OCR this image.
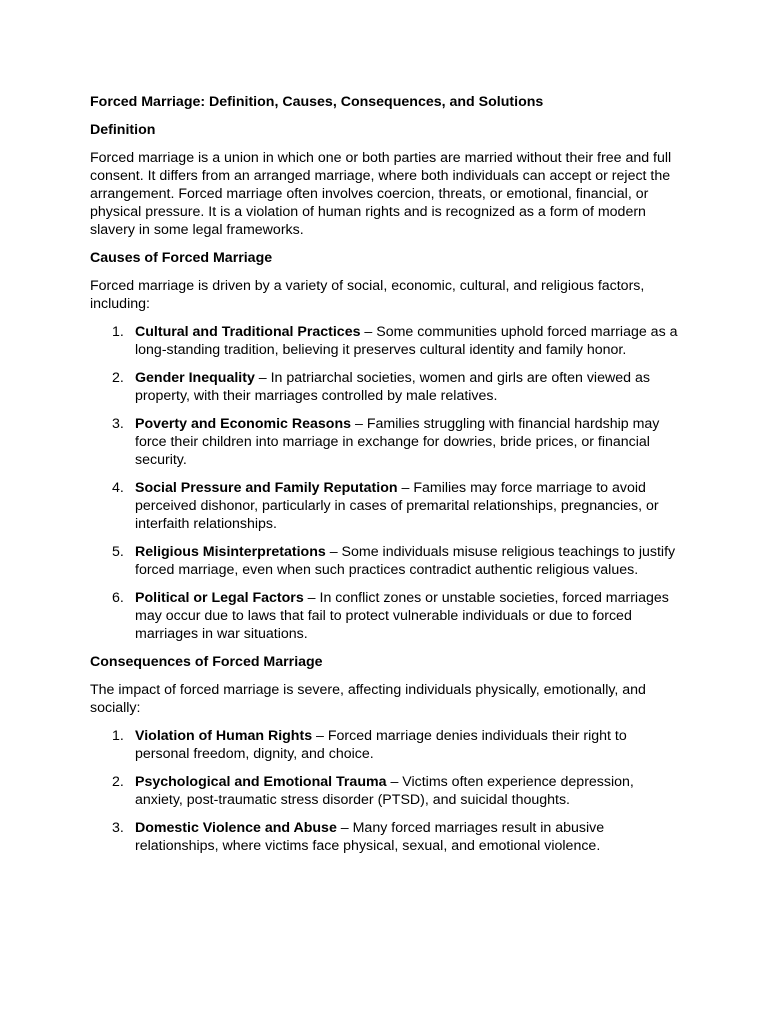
Forced Marriage: Definition, Causes, Consequences, and Solutions

Definition

Forced marriage is a union in which one or both parties are married without their free and full consent. It differs from an arranged marriage, where both individuals can accept or reject the arrangement. Forced marriage often involves coercion, threats, or emotional, financial, or physical pressure. It is a violation of human rights and is recognized as a form of modern slavery in some legal frameworks.

Causes of Forced Marriage

Forced marriage is driven by a variety of social, economic, cultural, and religious factors, including:

1. Cultural and Traditional Practices – Some communities uphold forced marriage as a long-standing tradition, believing it preserves cultural identity and family honor.
2. Gender Inequality – In patriarchal societies, women and girls are often viewed as property, with their marriages controlled by male relatives.
3. Poverty and Economic Reasons – Families struggling with financial hardship may force their children into marriage in exchange for dowries, bride prices, or financial security.
4. Social Pressure and Family Reputation – Families may force marriage to avoid perceived dishonor, particularly in cases of premarital relationships, pregnancies, or interfaith relationships.
5. Religious Misinterpretations – Some individuals misuse religious teachings to justify forced marriage, even when such practices contradict authentic religious values.
6. Political or Legal Factors – In conflict zones or unstable societies, forced marriages may occur due to laws that fail to protect vulnerable individuals or due to forced marriages in war situations.

Consequences of Forced Marriage

The impact of forced marriage is severe, affecting individuals physically, emotionally, and socially:

1. Violation of Human Rights – Forced marriage denies individuals their right to personal freedom, dignity, and choice.
2. Psychological and Emotional Trauma – Victims often experience depression, anxiety, post-traumatic stress disorder (PTSD), and suicidal thoughts.
3. Domestic Violence and Abuse – Many forced marriages result in abusive relationships, where victims face physical, sexual, and emotional violence.
